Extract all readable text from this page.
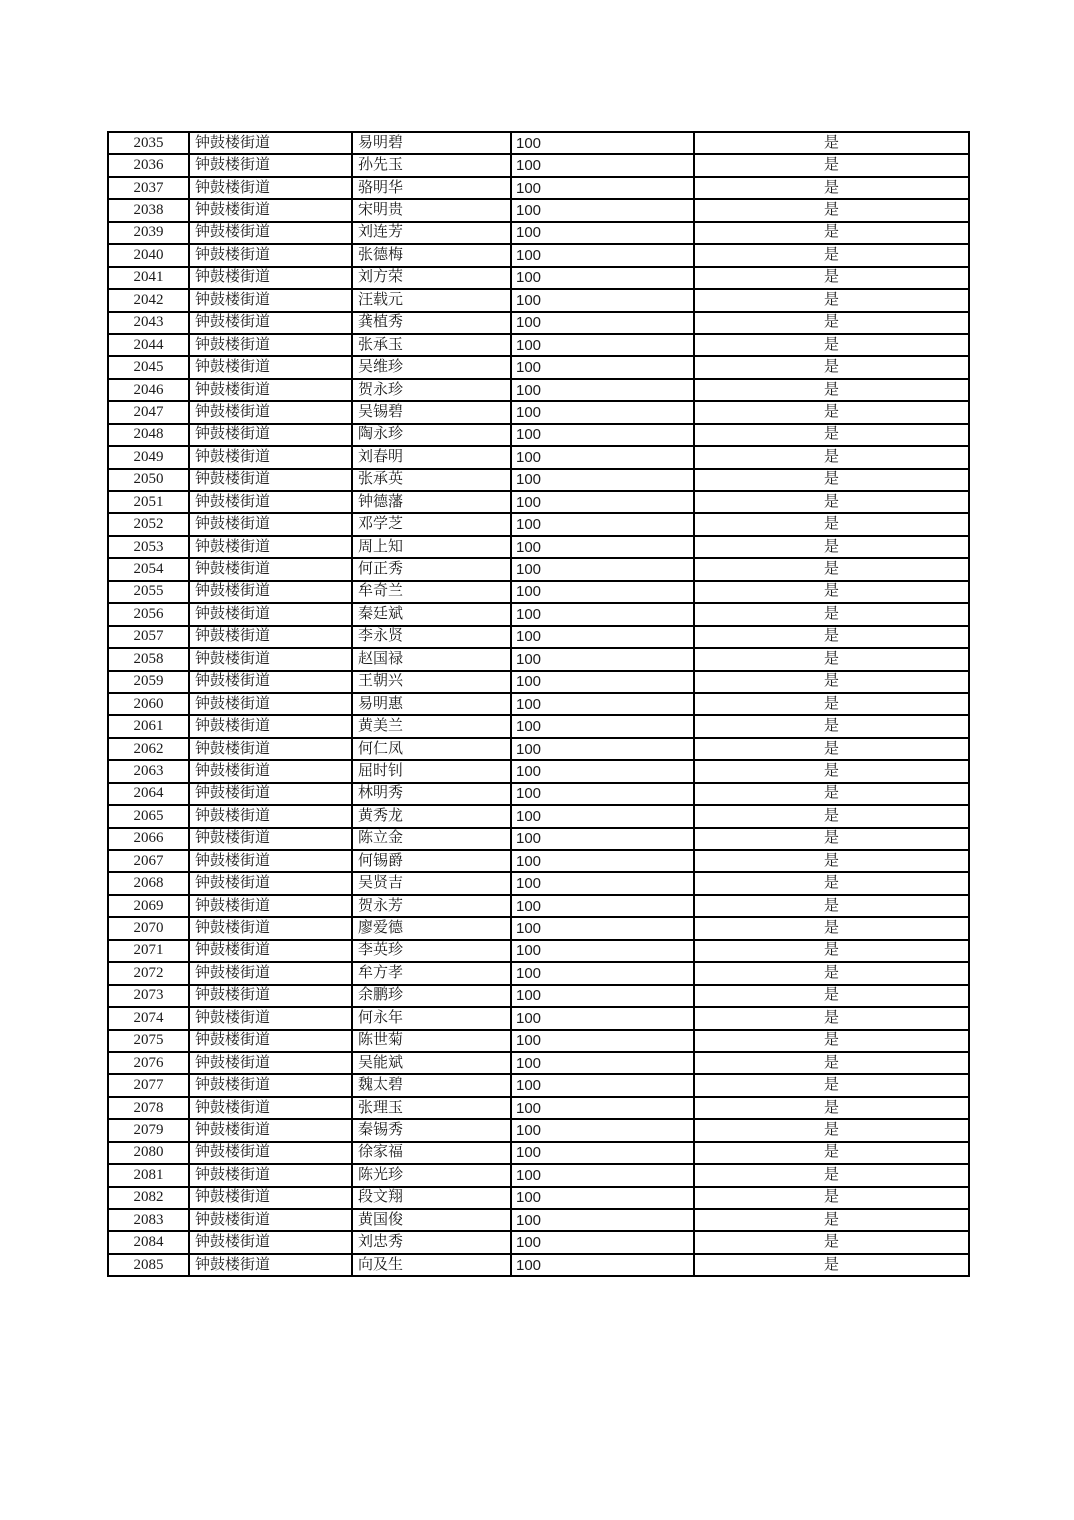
2035	钟鼓楼街道	易明碧	100	是
2036	钟鼓楼街道	孙先玉	100	是
2037	钟鼓楼街道	骆明华	100	是
2038	钟鼓楼街道	宋明贵	100	是
2039	钟鼓楼街道	刘连芳	100	是
2040	钟鼓楼街道	张德梅	100	是
2041	钟鼓楼街道	刘方荣	100	是
2042	钟鼓楼街道	汪载元	100	是
2043	钟鼓楼街道	龚植秀	100	是
2044	钟鼓楼街道	张承玉	100	是
2045	钟鼓楼街道	吴维珍	100	是
2046	钟鼓楼街道	贺永珍	100	是
2047	钟鼓楼街道	吴锡碧	100	是
2048	钟鼓楼街道	陶永珍	100	是
2049	钟鼓楼街道	刘春明	100	是
2050	钟鼓楼街道	张承英	100	是
2051	钟鼓楼街道	钟德藩	100	是
2052	钟鼓楼街道	邓学芝	100	是
2053	钟鼓楼街道	周上知	100	是
2054	钟鼓楼街道	何正秀	100	是
2055	钟鼓楼街道	牟奇兰	100	是
2056	钟鼓楼街道	秦廷斌	100	是
2057	钟鼓楼街道	李永贤	100	是
2058	钟鼓楼街道	赵国禄	100	是
2059	钟鼓楼街道	王朝兴	100	是
2060	钟鼓楼街道	易明惠	100	是
2061	钟鼓楼街道	黄美兰	100	是
2062	钟鼓楼街道	何仁凤	100	是
2063	钟鼓楼街道	屈时钊	100	是
2064	钟鼓楼街道	林明秀	100	是
2065	钟鼓楼街道	黄秀龙	100	是
2066	钟鼓楼街道	陈立金	100	是
2067	钟鼓楼街道	何锡爵	100	是
2068	钟鼓楼街道	吴贤吉	100	是
2069	钟鼓楼街道	贺永芳	100	是
2070	钟鼓楼街道	廖爱德	100	是
2071	钟鼓楼街道	李英珍	100	是
2072	钟鼓楼街道	牟方孝	100	是
2073	钟鼓楼街道	余鹏珍	100	是
2074	钟鼓楼街道	何永年	100	是
2075	钟鼓楼街道	陈世菊	100	是
2076	钟鼓楼街道	吴能斌	100	是
2077	钟鼓楼街道	魏太碧	100	是
2078	钟鼓楼街道	张理玉	100	是
2079	钟鼓楼街道	秦锡秀	100	是
2080	钟鼓楼街道	徐家福	100	是
2081	钟鼓楼街道	陈光珍	100	是
2082	钟鼓楼街道	段文翔	100	是
2083	钟鼓楼街道	黄国俊	100	是
2084	钟鼓楼街道	刘忠秀	100	是
2085	钟鼓楼街道	向及生	100	是
